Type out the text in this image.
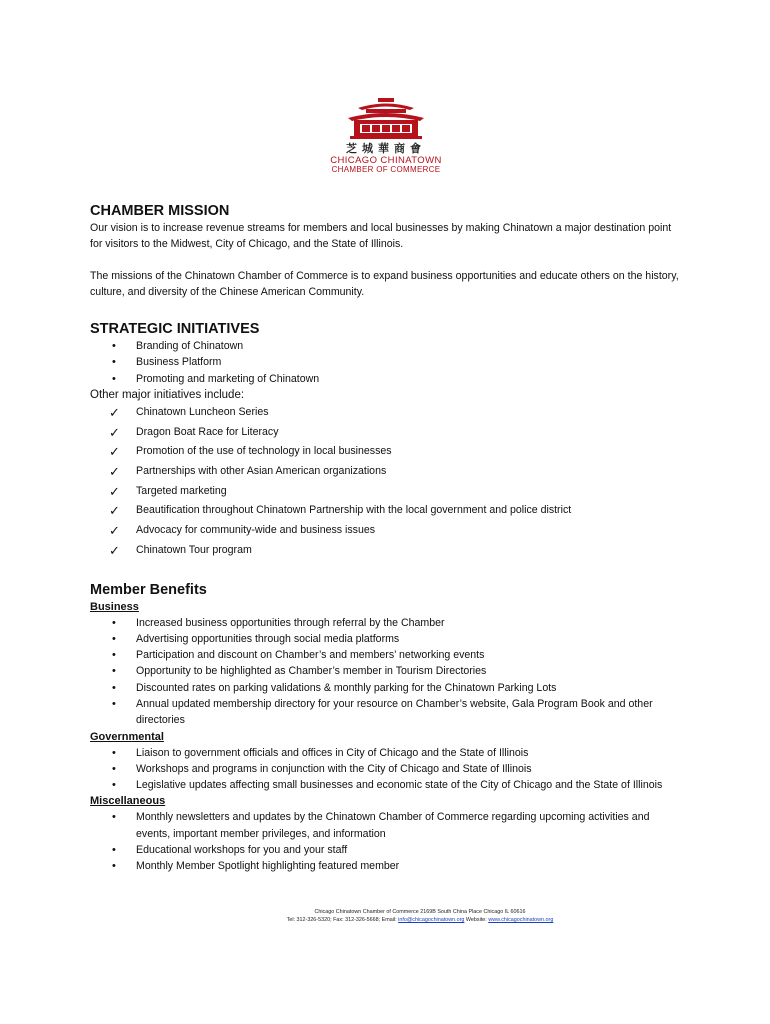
芝城華商會
CHICAGO CHINATOWN
CHAMBER OF COMMERCE
CHAMBER MISSION

Our vision is to increase revenue streams for members and local businesses by making Chinatown a major destination point for visitors to the Midwest, City of Chicago, and the State of Illinois.

The missions of the Chinatown Chamber of Commerce is to expand business opportunities and educate others on the history, culture, and diversity of the Chinese American Community.

STRATEGIC INITIATIVES
• Branding of Chinatown
• Business Platform
• Promoting and marketing of Chinatown
Other major initiatives include:
✓ Chinatown Luncheon Series
✓ Dragon Boat Race for Literacy
✓ Promotion of the use of technology in local businesses
✓ Partnerships with other Asian American organizations
✓ Targeted marketing
✓ Beautification throughout Chinatown Partnership with the local government and police district
✓ Advocacy for community-wide and business issues
✓ Chinatown Tour program
Member Benefits
Business
• Increased business opportunities through referral by the Chamber
• Advertising opportunities through social media platforms
• Participation and discount on Chamber’s and members’ networking events
• Opportunity to be highlighted as Chamber’s member in Tourism Directories
• Discounted rates on parking validations & monthly parking for the Chinatown Parking Lots
• Annual updated membership directory for your resource on Chamber’s website, Gala Program Book and other directories
Governmental
• Liaison to government officials and offices in City of Chicago and the State of Illinois
• Workshops and programs in conjunction with the City of Chicago and State of Illinois
• Legislative updates affecting small businesses and economic state of the City of Chicago and the State of Illinois
Miscellaneous
• Monthly newsletters and updates by the Chinatown Chamber of Commerce regarding upcoming activities and events, important member privileges, and information
• Educational workshops for you and your staff
• Monthly Member Spotlight highlighting featured member
Chicago Chinatown Chamber of Commerce 2169B South China Place Chicago IL 60616
Tel: 312-326-5320; Fax: 312-326-5668; Email: info@chicagochinatown.org Website: www.chicagochinatown.org
